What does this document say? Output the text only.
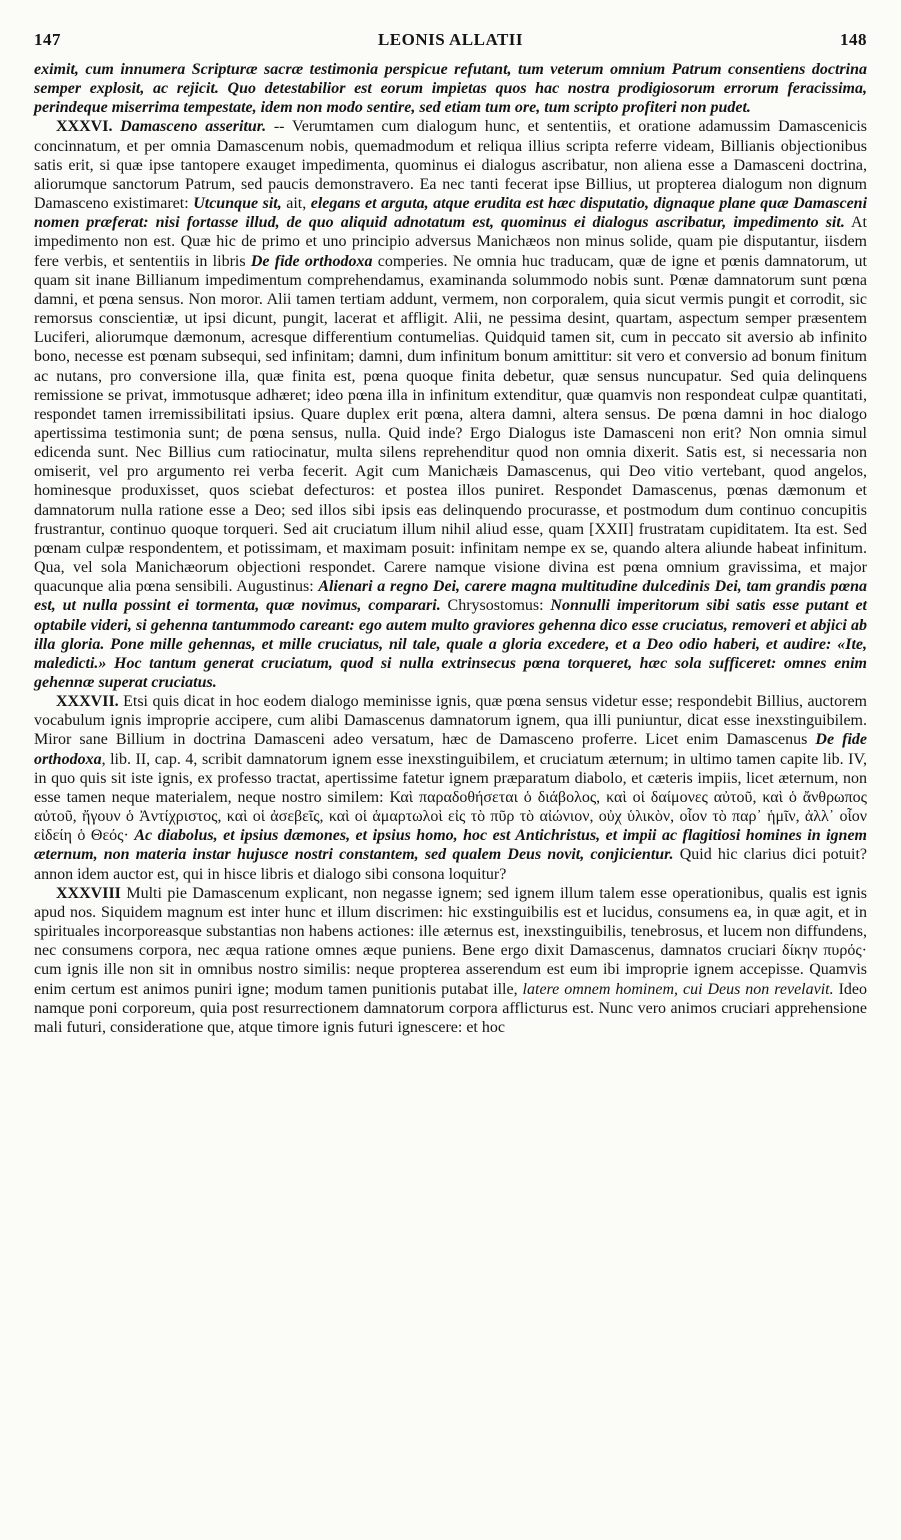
147	LEONIS ALLATII	148

eximit, cum innumera Scripturæ sacræ testimonia perspicue refutant, tum veterum omnium Patrum consentiens doctrina semper explosit, ac rejicit. Quo detestabilior est eorum impietas quos hac nostra prodigiosorum errorum feracissima, perindeque miserrima tempestate, idem non modo sentire, sed etiam tum ore, tum scripto profiteri non pudet.

XXXVI. Damasceno asseritur. -- Verumtamen cum dialogum hunc, et sententiis, et oratione adamussim Damascenicis concinnatum, et per omnia Damascenum nobis, quemadmodum et reliqua illius scripta referre videam, Billianis objectionibus satis erit, si quæ ipse tantopere exauget impedimenta, quominus ei dialogus ascribatur, non aliena esse a Damasceni doctrina, aliorumque sanctorum Patrum, sed paucis demonstravero. Ea nec tanti fecerat ipse Billius, ut propterea dialogum non dignum Damasceno existimaret: Utcunque sit, ait, elegans et arguta, atque erudita est hæc disputatio, dignaque plane quæ Damasceni nomen præferat: nisi fortasse illud, de quo aliquid adnotatum est, quominus ei dialogus ascribatur, impedimento sit. At impedimento non est. Quæ hic de primo et uno principio adversus Manichæos non minus solide, quam pie disputantur, iisdem fere verbis, et sententiis in libris De fide orthodoxa comperies. Ne omnia huc traducam, quæ de igne et pœnis damnatorum, ut quam sit inane Billianum impedimentum comprehendamus, examinanda solummodo nobis sunt. Pœnæ damnatorum sunt pœna damni, et pœna sensus. Non moror. Alii tamen tertiam addunt, vermem, non corporalem, quia sicut vermis pungit et corrodit, sic remorsus conscientiæ, ut ipsi dicunt, pungit, lacerat et affligit. Alii, ne pessima desint, quartam, aspectum semper præsentem Luciferi, aliorumque dæmonum, acresque differentium contumelias. Quidquid tamen sit, cum in peccato sit aversio ab infinito bono, necesse est pœnam subsequi, sed infinitam; damni, dum infinitum bonum amittitur: sit vero et conversio ad bonum finitum ac nutans, pro conversione illa, quæ finita est, pœna quoque finita debetur, quæ sensus nuncupatur. Sed quia delinquens remissione se privat, immotusque adhæret; ideo pœna illa in infinitum extenditur, quæ quamvis non respondeat culpæ quantitati, respondet tamen irremissibilitati ipsius. Quare duplex erit pœna, altera damni, altera sensus. De pœna damni in hoc dialogo apertissima testimonia sunt; de pœna sensus, nulla. Quid inde? Ergo Dialogus iste Damasceni non erit? Non omnia simul edicenda sunt. Nec Billius cum ratiocinatur, multa silens reprehenditur quod non omnia dixerit. Satis est, si necessaria non omiserit, vel pro argumento rei verba fecerit. Agit cum Manichæis Damascenus, qui Deo vitio vertebant, quod angelos, hominesque produxisset, quos sciebat defecturos: et postea illos puniret. Respondet Damascenus, pœnas dæmonum et damnatorum nulla ratione esse a Deo; sed illos sibi ipsis eas delinquendo procurasse, et postmodum dum continuo concupitis frustrantur, continuo quoque torqueri. Sed ait cruciatum illum nihil aliud esse, quam [XXII] frustratam cupiditatem. Ita est. Sed pœnam culpæ respondentem, et potissimam, et maximam posuit: infinitam nempe ex se, quando altera aliunde habeat infinitum. Qua, vel sola Manichæorum objectioni respondet. Carere namque visione divina est pœna omnium gravissima, et major quacunque alia pœna sensibili. Augustinus: Alienari a regno Dei, carere magna multitudine dulcedinis Dei, tam grandis pœna est, ut nulla possint ei tormenta, quæ novimus, comparari. Chrysostomus: Nonnulli imperitorum sibi satis esse putant et optabile videri, si gehenna tantummodo careant: ego autem multo graviores gehenna dico esse cruciatus, removeri et abjici ab illa gloria. Pone mille gehennas, et mille cruciatus, nil tale, quale a gloria excedere, et a Deo odio haberi, et audire: «Ite, maledicti.» Hoc tantum generat cruciatum, quod si nulla extrinsecus pœna torqueret, hæc sola sufficeret: omnes enim gehennæ superat cruciatus.

XXXVII. Etsi quis dicat in hoc eodem dialogo meminisse ignis, quæ pœna sensus videtur esse; respondebit Billius, auctorem vocabulum ignis improprie accipere, cum alibi Damascenus damnatorum ignem, qua illi puniuntur, dicat esse inexstinguibilem. Miror sane Billium in doctrina Damasceni adeo versatum, hæc de Damasceno proferre. Licet enim Damascenus De fide orthodoxa, lib. II, cap. 4, scribit damnatorum ignem esse inexstinguibilem, et cruciatum æternum; in ultimo tamen capite lib. IV, in quo quis sit iste ignis, ex professo tractat, apertissime fatetur ignem præparatum diabolo, et cæteris impiis, licet æternum, non esse tamen neque materialem, neque nostro similem: Καὶ παραδοθήσεται ὁ διάβολος, καὶ οἱ δαίμονες αὐτοῦ, καὶ ὁ ἄνθρωπος αὐτοῦ, ἤγουν ὁ Ἀντίχριστος, καὶ οἱ ἀσεβεῖς, καὶ οἱ ἁμαρτωλοὶ εἰς τὸ πῦρ τὸ αἰώνιον, οὐχ ὑλικὸν, οἷον τὸ παρ᾽ ἡμῖν, ἀλλ᾽ οἷον εἰδείη ὁ Θεός· Ac diabolus, et ipsius dæmones, et ipsius homo, hoc est Antichristus, et impii ac flagitiosi homines in ignem æternum, non materia instar hujusce nostri constantem, sed qualem Deus novit, conjicientur. Quid hic clarius dici potuit? annon idem auctor est, qui in hisce libris et dialogo sibi consona loquitur?

XXXVIII Multi pie Damascenum explicant, non negasse ignem; sed ignem illum talem esse operationibus, qualis est ignis apud nos. Siquidem magnum est inter hunc et illum discrimen: hic exstinguibilis est et lucidus, consumens ea, in quæ agit, et in spirituales incorporeasque substantias non habens actiones: ille æternus est, inexstinguibilis, tenebrosus, et lucem non diffundens, nec consumens corpora, nec æqua ratione omnes æque puniens. Bene ergo dixit Damascenus, damnatos cruciari δίκην πυρός· cum ignis ille non sit in omnibus nostro similis: neque propterea asserendum est eum ibi improprie ignem accepisse. Quamvis enim certum est animos puniri igne; modum tamen punitionis putabat ille, latere omnem hominem, cui Deus non revelavit. Ideo namque poni corporeum, quia post resurrectionem damnatorum corpora afflicturus est. Nunc vero animos cruciari apprehensione mali futuri, consideratione que, atque timore ignis futuri ignescere: et hoc
